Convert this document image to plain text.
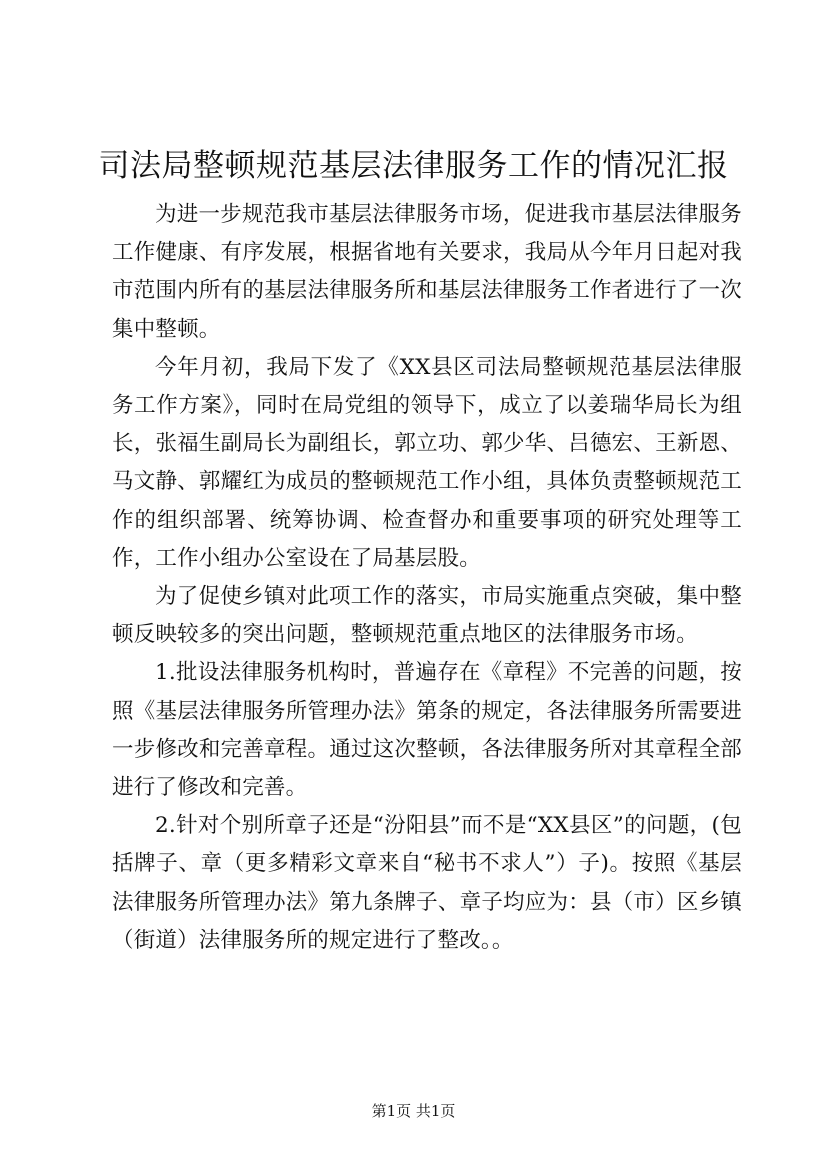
司法局整顿规范基层法律服务工作的情况汇报

为进一步规范我市基层法律服务市场，促进我市基层法律服务工作健康、有序发展，根据省地有关要求，我局从今年月日起对我市范围内所有的基层法律服务所和基层法律服务工作者进行了一次集中整顿。

今年月初，我局下发了《XX县区司法局整顿规范基层法律服务工作方案》，同时在局党组的领导下，成立了以姜瑞华局长为组长，张福生副局长为副组长，郭立功、郭少华、吕德宏、王新恩、马文静、郭耀红为成员的整顿规范工作小组，具体负责整顿规范工作的组织部署、统筹协调、检查督办和重要事项的研究处理等工作，工作小组办公室设在了局基层股。

为了促使乡镇对此项工作的落实，市局实施重点突破，集中整顿反映较多的突出问题，整顿规范重点地区的法律服务市场。

1.批设法律服务机构时，普遍存在《章程》不完善的问题，按照《基层法律服务所管理办法》第条的规定，各法律服务所需要进一步修改和完善章程。通过这次整顿，各法律服务所对其章程全部进行了修改和完善。

2.针对个别所章子还是“汾阳县”而不是“XX县区”的问题，(包括牌子、章（更多精彩文章来自“秘书不求人”）子)。按照《基层法律服务所管理办法》第九条牌子、章子均应为：县（市）区乡镇（街道）法律服务所的规定进行了整改。。

第1页 共1页
